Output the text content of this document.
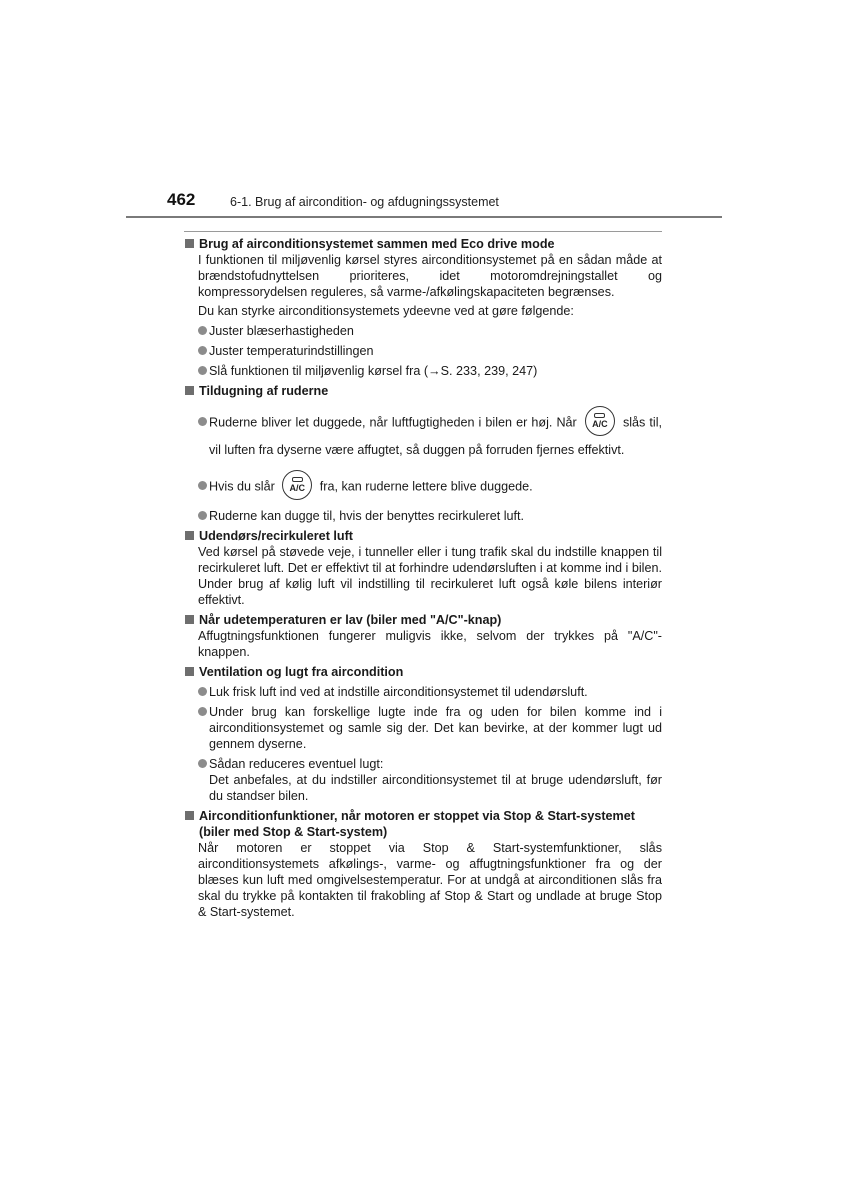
462	6-1. Brug af aircondition- og afdugningssystemet
Brug af airconditionsystemet sammen med Eco drive mode

I funktionen til miljøvenlig kørsel styres airconditionsystemet på en sådan måde at brændstofudnyttelsen prioriteres, idet motoromdrejningstallet og kompressorydelsen reguleres, så varme-/afkølingskapaciteten begrænses.

Du kan styrke airconditionsystemets ydeevne ved at gøre følgende:

Juster blæserhastigheden
Juster temperaturindstillingen
Slå funktionen til miljøvenlig kørsel fra (→S. 233, 239, 247)
Tildugning af ruderne
Ruderne bliver let duggede, når luftfugtigheden i bilen er høj. Når A/C slås til, vil luften fra dyserne være affugtet, så duggen på forruden fjernes effektivt.
Hvis du slår A/C fra, kan ruderne lettere blive duggede.
Ruderne kan dugge til, hvis der benyttes recirkuleret luft.
Udendørs/recirkuleret luft

Ved kørsel på støvede veje, i tunneller eller i tung trafik skal du indstille knappen til recirkuleret luft. Det er effektivt til at forhindre udendørsluften i at komme ind i bilen. Under brug af kølig luft vil indstilling til recirkuleret luft også køle bilens interiør effektivt.

Når udetemperaturen er lav (biler med "A/C"-knap)

Affugtningsfunktionen fungerer muligvis ikke, selvom der trykkes på "A/C"-knappen.

Ventilation og lugt fra aircondition
Luk frisk luft ind ved at indstille airconditionsystemet til udendørsluft.
Under brug kan forskellige lugte inde fra og uden for bilen komme ind i airconditionsystemet og samle sig der. Det kan bevirke, at der kommer lugt ud gennem dyserne.
Sådan reduceres eventuel lugt:
Det anbefales, at du indstiller airconditionsystemet til at bruge udendørsluft, før du standser bilen.
Airconditionfunktioner, når motoren er stoppet via Stop & Start-systemet (biler med Stop & Start-system)

Når motoren er stoppet via Stop & Start-systemfunktioner, slås airconditionsystemets afkølings-, varme- og affugtningsfunktioner fra og der blæses kun luft med omgivelsestemperatur. For at undgå at airconditionen slås fra skal du trykke på kontakten til frakobling af Stop & Start og undlade at bruge Stop & Start-systemet.
